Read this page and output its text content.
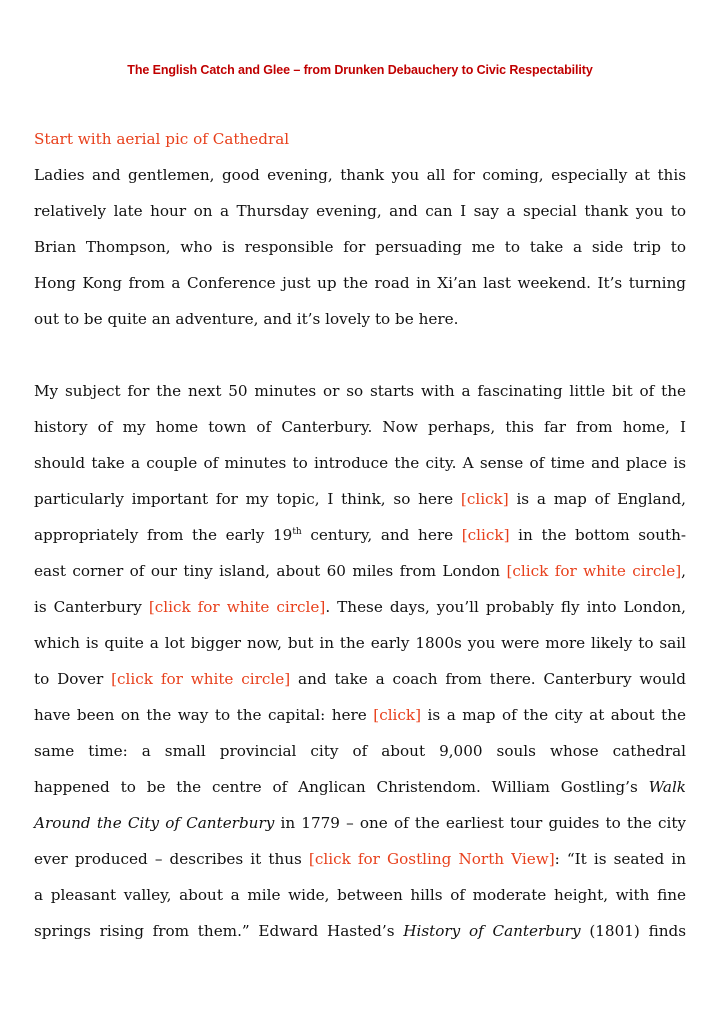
The English Catch and Glee – from Drunken Debauchery to Civic Respectability
Start with aerial pic of Cathedral
Ladies and gentlemen, good evening, thank you all for coming, especially at this
relatively late hour on a Thursday evening, and can I say a special thank you to
Brian Thompson, who is responsible for persuading me to take a side trip to
Hong Kong from a Conference just up the road in Xi’an last weekend. It’s turning
out to be quite an adventure, and it’s lovely to be here.
My subject for the next 50 minutes or so starts with a fascinating little bit of the
history of my home town of Canterbury. Now perhaps, this far from home, I
should take a couple of minutes to introduce the city. A sense of time and place is
particularly important for my topic, I think, so here [click] is a map of England,
appropriately from the early 19th century, and here [click] in the bottom south-
east corner of our tiny island, about 60 miles from London [click for white circle],
is Canterbury [click for white circle]. These days, you’ll probably fly into London,
which is quite a lot bigger now, but in the early 1800s you were more likely to sail
to Dover [click for white circle] and take a coach from there. Canterbury would
have been on the way to the capital: here [click] is a map of the city at about the
same time: a small provincial city of about 9,000 souls whose cathedral
happened to be the centre of Anglican Christendom. William Gostling’s Walk
Around the City of Canterbury in 1779 – one of the earliest tour guides to the city
ever produced – describes it thus [click for Gostling North View]: “It is seated in
a pleasant valley, about a mile wide, between hills of moderate height, with fine
springs rising from them.” Edward Hasted’s History of Canterbury (1801) finds
